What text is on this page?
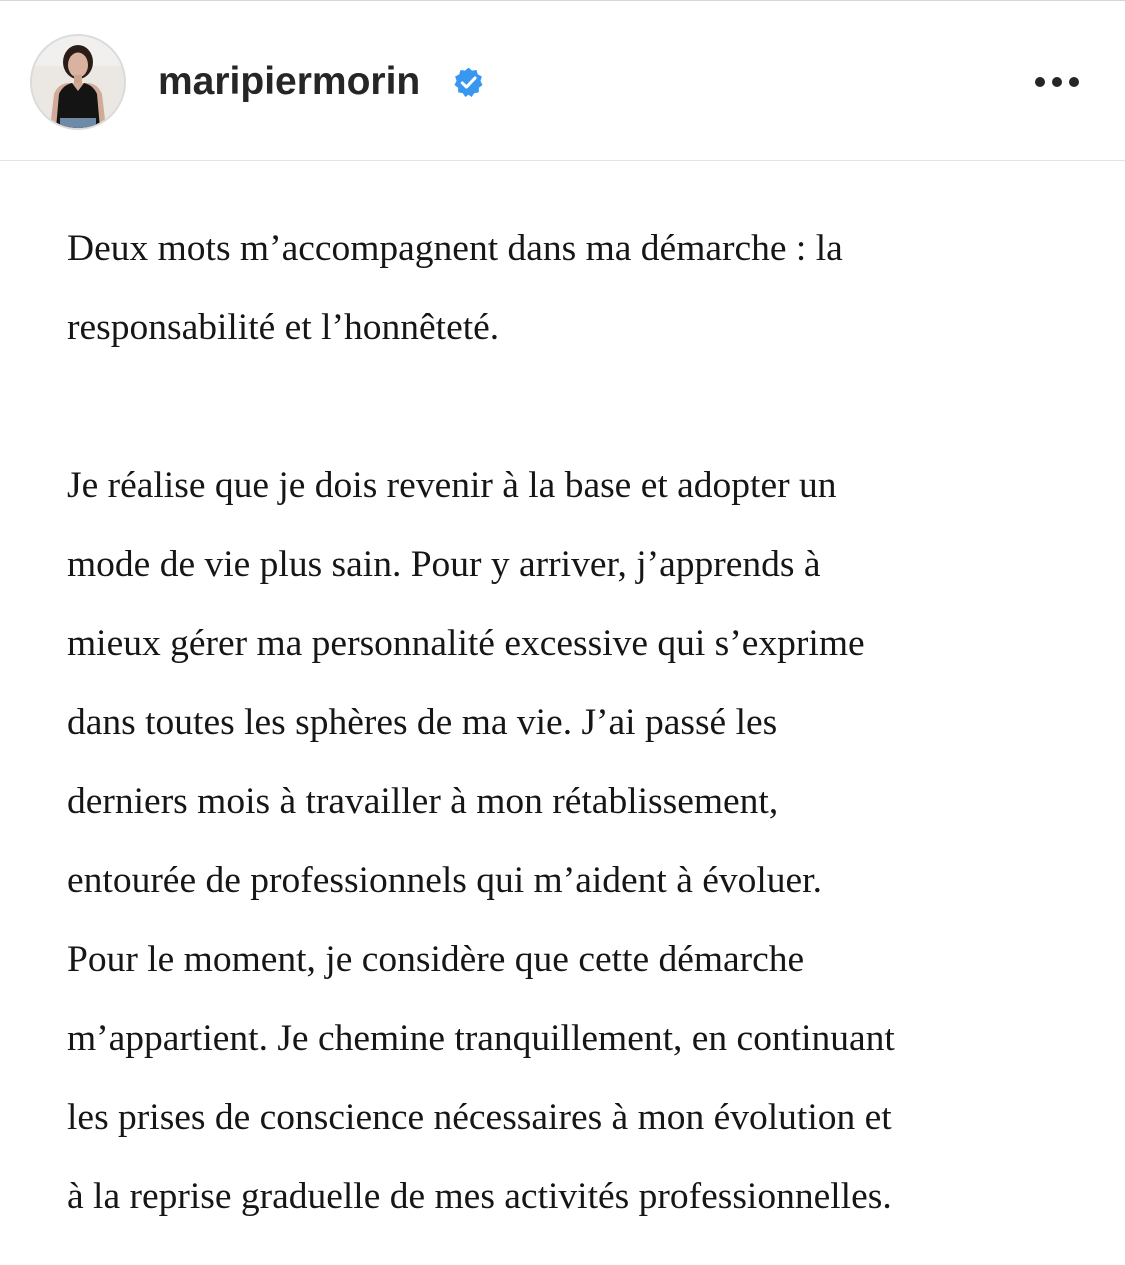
maripiermorin

Deux mots m’accompagnent dans ma démarche : la

responsabilité et l’honnêteté.

Je réalise que je dois revenir à la base et adopter un

mode de vie plus sain. Pour y arriver, j’apprends à

mieux gérer ma personnalité excessive qui s’exprime

dans toutes les sphères de ma vie. J’ai passé les

derniers mois à travailler à mon rétablissement,

entourée de professionnels qui m’aident à évoluer.

Pour le moment, je considère que cette démarche

m’appartient. Je chemine tranquillement, en continuant

les prises de conscience nécessaires à mon évolution et

à la reprise graduelle de mes activités professionnelles.
